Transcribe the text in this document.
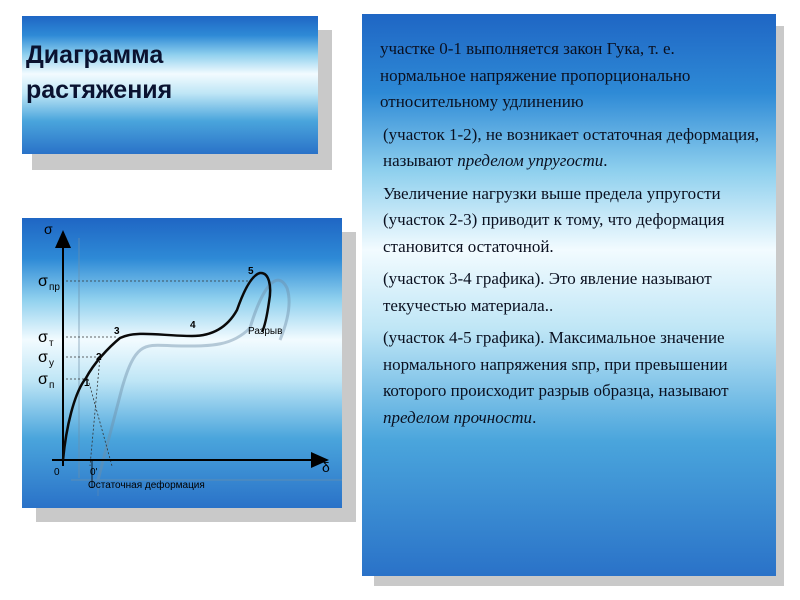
Диаграмма
растяжения
σ
δ
σ пр
σ т
σ у
σ п
0	0'
1
2
3
4
5
Разрыв
Остаточная деформация

участке 0-1 выполняется закон Гука, т. е. нормальное напряжение пропорционально относительному удлинению

(участок 1-2), не возникает остаточная деформация, называют пределом упругости.

Увеличение нагрузки выше предела упругости (участок 2-3) приводит к тому, что деформация становится остаточной.

(участок 3-4 графика). Это явление называют текучестью материала..

(участок 4-5 графика). Максимальное значение нормального напряжения sпр, при превышении которого происходит разрыв образца, называют пределом прочности.
